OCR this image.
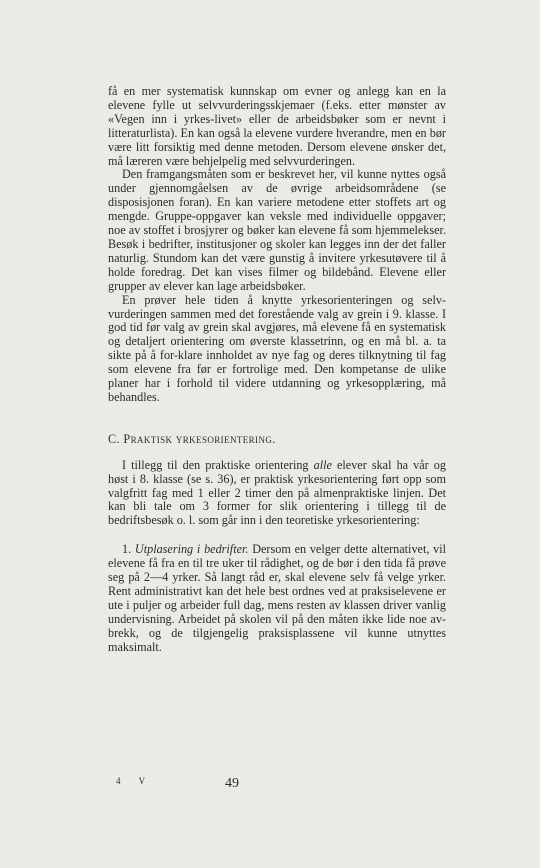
få en mer systematisk kunnskap om evner og anlegg kan en la elevene fylle ut selvvurderingsskjemaer (f.eks. etter mønster av «Vegen inn i yrkes-livet» eller de arbeidsbøker som er nevnt i litteraturlista). En kan også la elevene vurdere hverandre, men en bør være litt forsiktig med denne metoden. Dersom elevene ønsker det, må læreren være behjelpelig med selvvurderingen.

Den framgangsmåten som er beskrevet her, vil kunne nyttes også under gjennomgåelsen av de øvrige arbeidsområdene (se disposisjonen foran). En kan variere metodene etter stoffets art og mengde. Gruppe-oppgaver kan veksle med individuelle oppgaver; noe av stoffet i brosjyrer og bøker kan elevene få som hjemmelekser. Besøk i bedrifter, institusjoner og skoler kan legges inn der det faller naturlig. Stundom kan det være gunstig å invitere yrkesutøvere til å holde foredrag. Det kan vises filmer og bildebånd. Elevene eller grupper av elever kan lage arbeidsbøker.

En prøver hele tiden å knytte yrkesorienteringen og selv-vurderingen sammen med det forestående valg av grein i 9. klasse. I god tid før valg av grein skal avgjøres, må elevene få en systematisk og detaljert orientering om øverste klassetrinn, og en må bl. a. ta sikte på å for-klare innholdet av nye fag og deres tilknytning til fag som elevene fra før er fortrolige med. Den kompetanse de ulike planer har i forhold til videre utdanning og yrkesopplæring, må behandles.

C. Praktisk yrkesorientering.

I tillegg til den praktiske orientering alle elever skal ha vår og høst i 8. klasse (se s. 36), er praktisk yrkesorientering ført opp som valgfritt fag med 1 eller 2 timer den på almenpraktiske linjen. Det kan bli tale om 3 former for slik orientering i tillegg til de bedriftsbesøk o. l. som går inn i den teoretiske yrkesorientering:

1. Utplasering i bedrifter. Dersom en velger dette alternativet, vil elevene få fra en til tre uker til rådighet, og de bør i den tida få prøve seg på 2—4 yrker. Så langt råd er, skal elevene selv få velge yrker. Rent administrativt kan det hele best ordnes ved at praksiselevene er ute i puljer og arbeider full dag, mens resten av klassen driver vanlig undervisning. Arbeidet på skolen vil på den måten ikke lide noe av-brekk, og de tilgjengelig praksisplassene vil kunne utnyttes maksimalt.

4 V	49
